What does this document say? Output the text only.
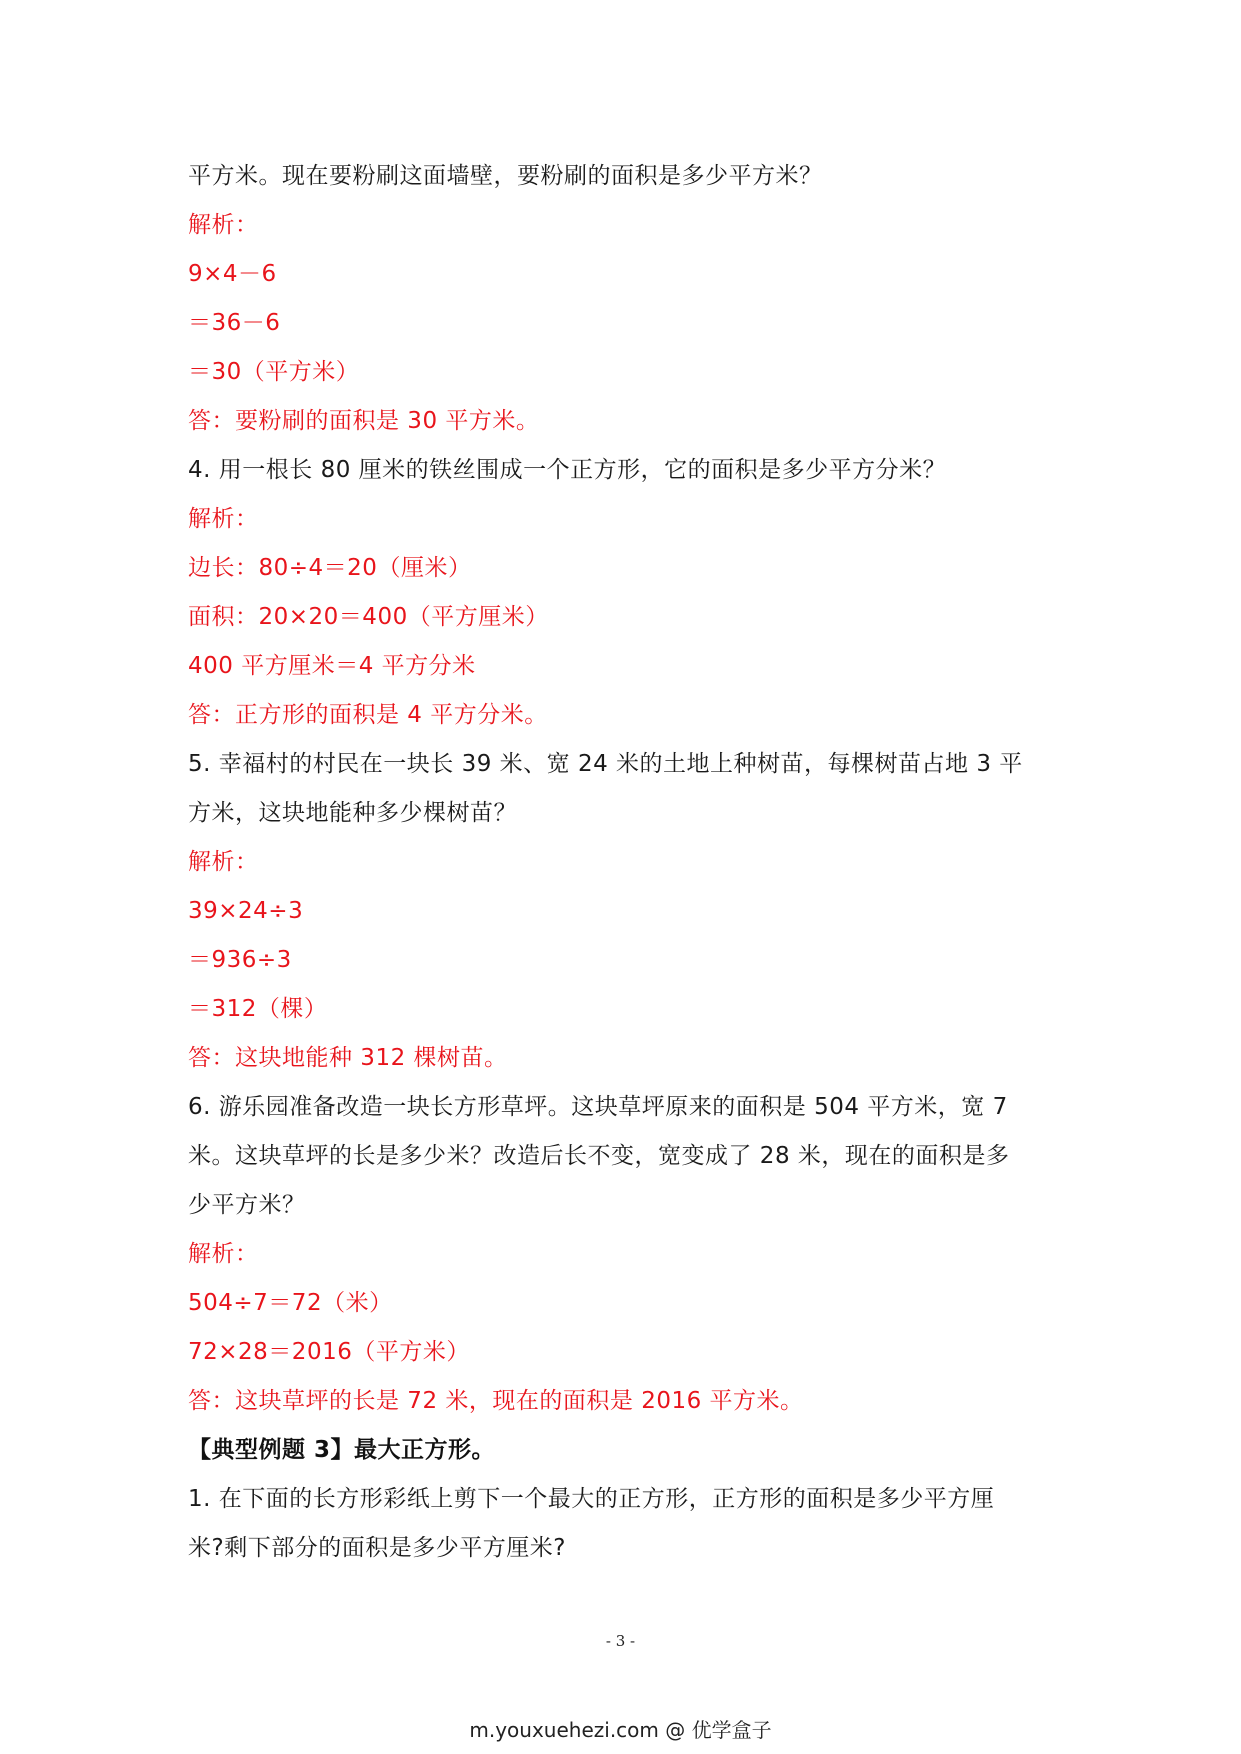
平方米。现在要粉刷这面墙壁，要粉刷的面积是多少平方米？
解析：
9×4－6
＝36－6
＝30（平方米）
答：要粉刷的面积是 30 平方米。
4. 用一根长 80 厘米的铁丝围成一个正方形，它的面积是多少平方分米？
解析：
边长：80÷4＝20（厘米）
面积：20×20＝400（平方厘米）
400 平方厘米＝4 平方分米
答：正方形的面积是 4 平方分米。
5. 幸福村的村民在一块长 39 米、宽 24 米的土地上种树苗，每棵树苗占地 3 平
方米，这块地能种多少棵树苗？
解析：
39×24÷3
＝936÷3
＝312（棵）
答：这块地能种 312 棵树苗。
6. 游乐园准备改造一块长方形草坪。这块草坪原来的面积是 504 平方米，宽 7
米。这块草坪的长是多少米？改造后长不变，宽变成了 28 米，现在的面积是多
少平方米？
解析：
504÷7＝72（米）
72×28＝2016（平方米）
答：这块草坪的长是 72 米，现在的面积是 2016 平方米。
【典型例题 3】最大正方形。
1. 在下面的长方形彩纸上剪下一个最大的正方形，正方形的面积是多少平方厘
米?剩下部分的面积是多少平方厘米?
- 3 -
m.youxuehezi.com @ 优学盒子
